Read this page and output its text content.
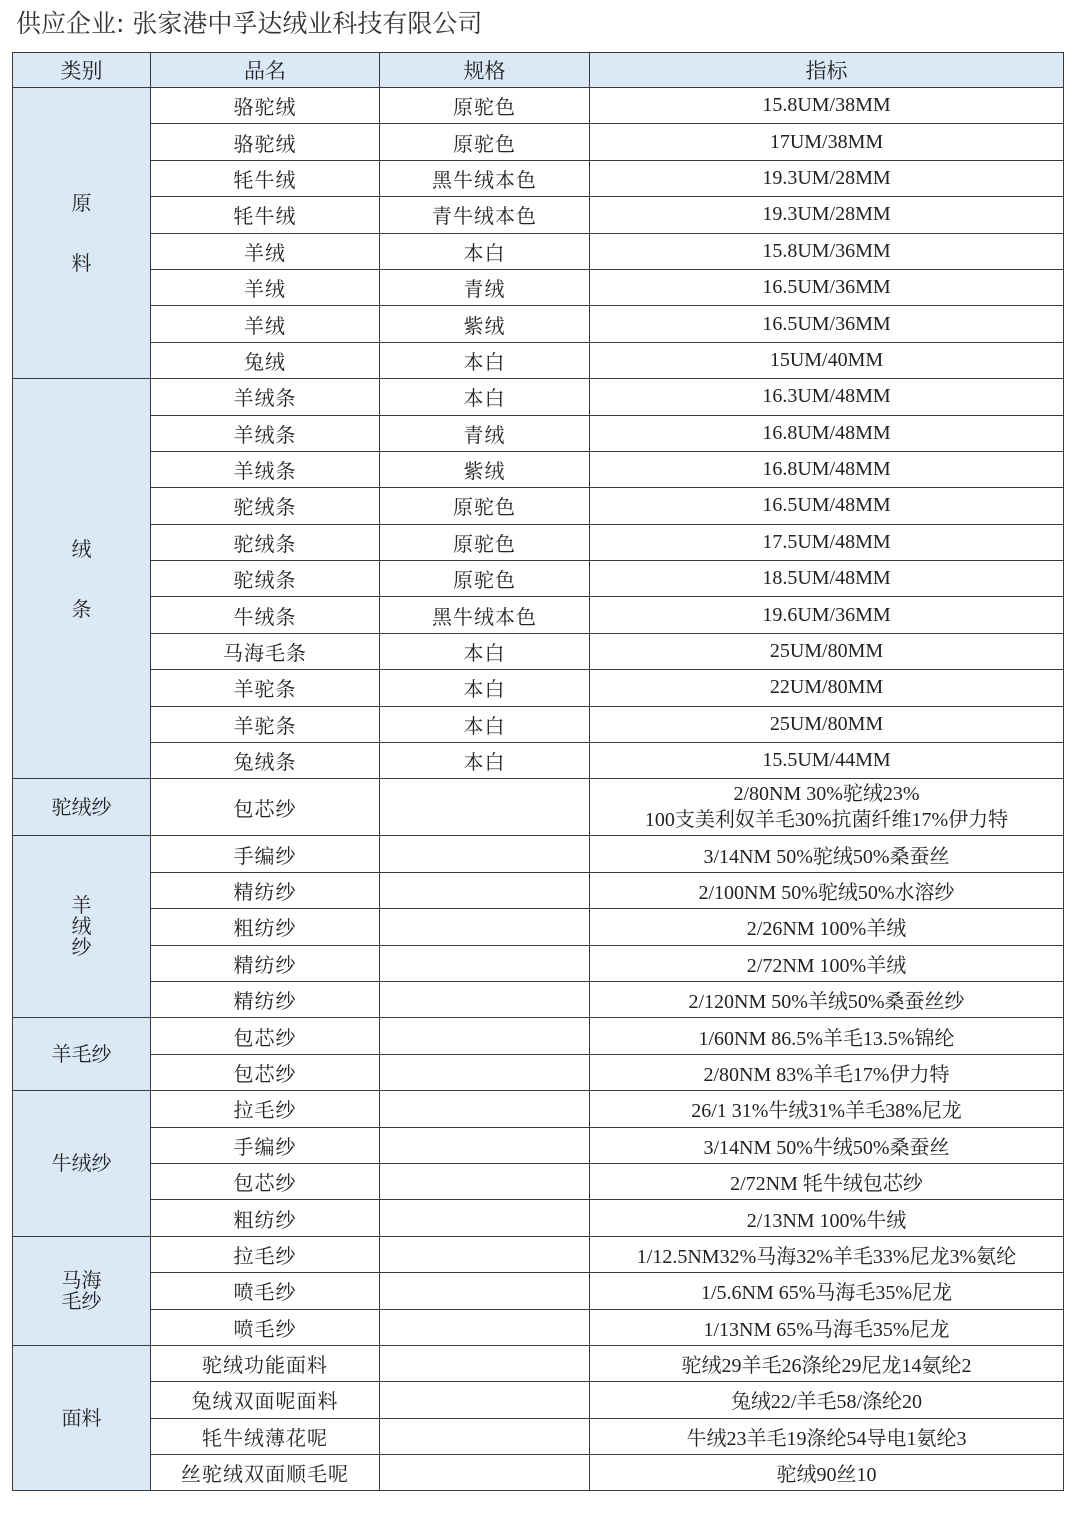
供应企业: 张家港中孚达绒业科技有限公司
类别	品名	规格	指标
原料	骆驼绒	原驼色	15.8UM/38MM
	骆驼绒	原驼色	17UM/38MM
	牦牛绒	黑牛绒本色	19.3UM/28MM
	牦牛绒	青牛绒本色	19.3UM/28MM
	羊绒	本白	15.8UM/36MM
	羊绒	青绒	16.5UM/36MM
	羊绒	紫绒	16.5UM/36MM
	兔绒	本白	15UM/40MM
绒条	羊绒条	本白	16.3UM/48MM
	羊绒条	青绒	16.8UM/48MM
	羊绒条	紫绒	16.8UM/48MM
	驼绒条	原驼色	16.5UM/48MM
	驼绒条	原驼色	17.5UM/48MM
	驼绒条	原驼色	18.5UM/48MM
	牛绒条	黑牛绒本色	19.6UM/36MM
	马海毛条	本白	25UM/80MM
	羊驼条	本白	22UM/80MM
	羊驼条	本白	25UM/80MM
	兔绒条	本白	15.5UM/44MM
驼绒纱	包芯纱		2/80NM 30%驼绒23%
100支美利奴羊毛30%抗菌纤维17%伊力特

羊绒纱	手编纱		3/14NM 50%驼绒50%桑蚕丝
	精纺纱		2/100NM 50%驼绒50%水溶纱
	粗纺纱		2/26NM 100%羊绒
	精纺纱		2/72NM 100%羊绒
	精纺纱		2/120NM 50%羊绒50%桑蚕丝纱
羊毛纱	包芯纱		1/60NM 86.5%羊毛13.5%锦纶
	包芯纱		2/80NM 83%羊毛17%伊力特
牛绒纱	拉毛纱		26/1 31%牛绒31%羊毛38%尼龙
	手编纱		3/14NM 50%牛绒50%桑蚕丝
	包芯纱		2/72NM 牦牛绒包芯纱
	粗纺纱		2/13NM 100%牛绒
马海毛纱	拉毛纱		1/12.5NM32%马海32%羊毛33%尼龙3%氨纶
	喷毛纱		1/5.6NM 65%马海毛35%尼龙
	喷毛纱		1/13NM 65%马海毛35%尼龙
面料	驼绒功能面料		驼绒29羊毛26涤纶29尼龙14氨纶2
	兔绒双面呢面料		兔绒22/羊毛58/涤纶20
	牦牛绒薄花呢		牛绒23羊毛19涤纶54导电1氨纶3
	丝驼绒双面顺毛呢		驼绒90丝10
